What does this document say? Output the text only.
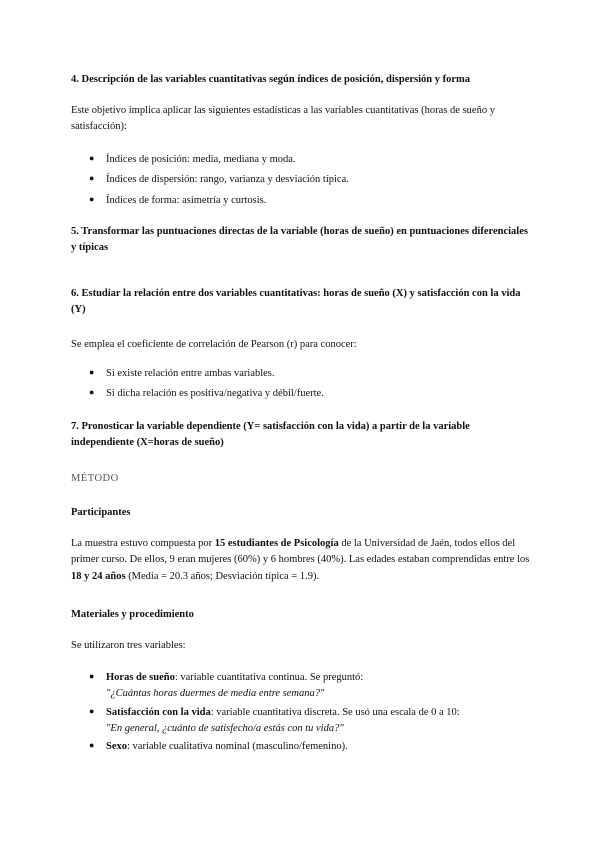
4. Descripción de las variables cuantitativas según índices de posición, dispersión y forma

Este objetivo implica aplicar las siguientes estadísticas a las variables cuantitativas (horas de sueño y satisfacción):

● Índices de posición: media, mediana y moda.
● Índices de dispersión: rango, varianza y desviación típica.
● Índices de forma: asimetría y curtosis.

5. Transformar las puntuaciones directas de la variable (horas de sueño) en puntuaciones diferenciales y típicas

6. Estudiar la relación entre dos variables cuantitativas: horas de sueño (X) y satisfacción con la vida (Y)

Se emplea el coeficiente de correlación de Pearson (r) para conocer:

● Si existe relación entre ambas variables.
● Si dicha relación es positiva/negativa y débil/fuerte.

7. Pronosticar la variable dependiente (Y= satisfacción con la vida) a partir de la variable independiente (X=horas de sueño)

MÉTODO

Participantes

La muestra estuvo compuesta por 15 estudiantes de Psicología de la Universidad de Jaén, todos ellos del primer curso. De ellos, 9 eran mujeres (60%) y 6 hombres (40%). Las edades estaban comprendidas entre los 18 y 24 años (Media = 20.3 años; Desviación típica = 1.9).

Materiales y procedimiento

Se utilizaron tres variables:

● Horas de sueño: variable cuantitativa continua. Se preguntó:
"¿Cuántas horas duermes de media entre semana?"
● Satisfacción con la vida: variable cuantitativa discreta. Se usó una escala de 0 a 10:
"En general, ¿cuánto de satisfecho/a estás con tu vida?"
● Sexo: variable cualitativa nominal (masculino/femenino).
